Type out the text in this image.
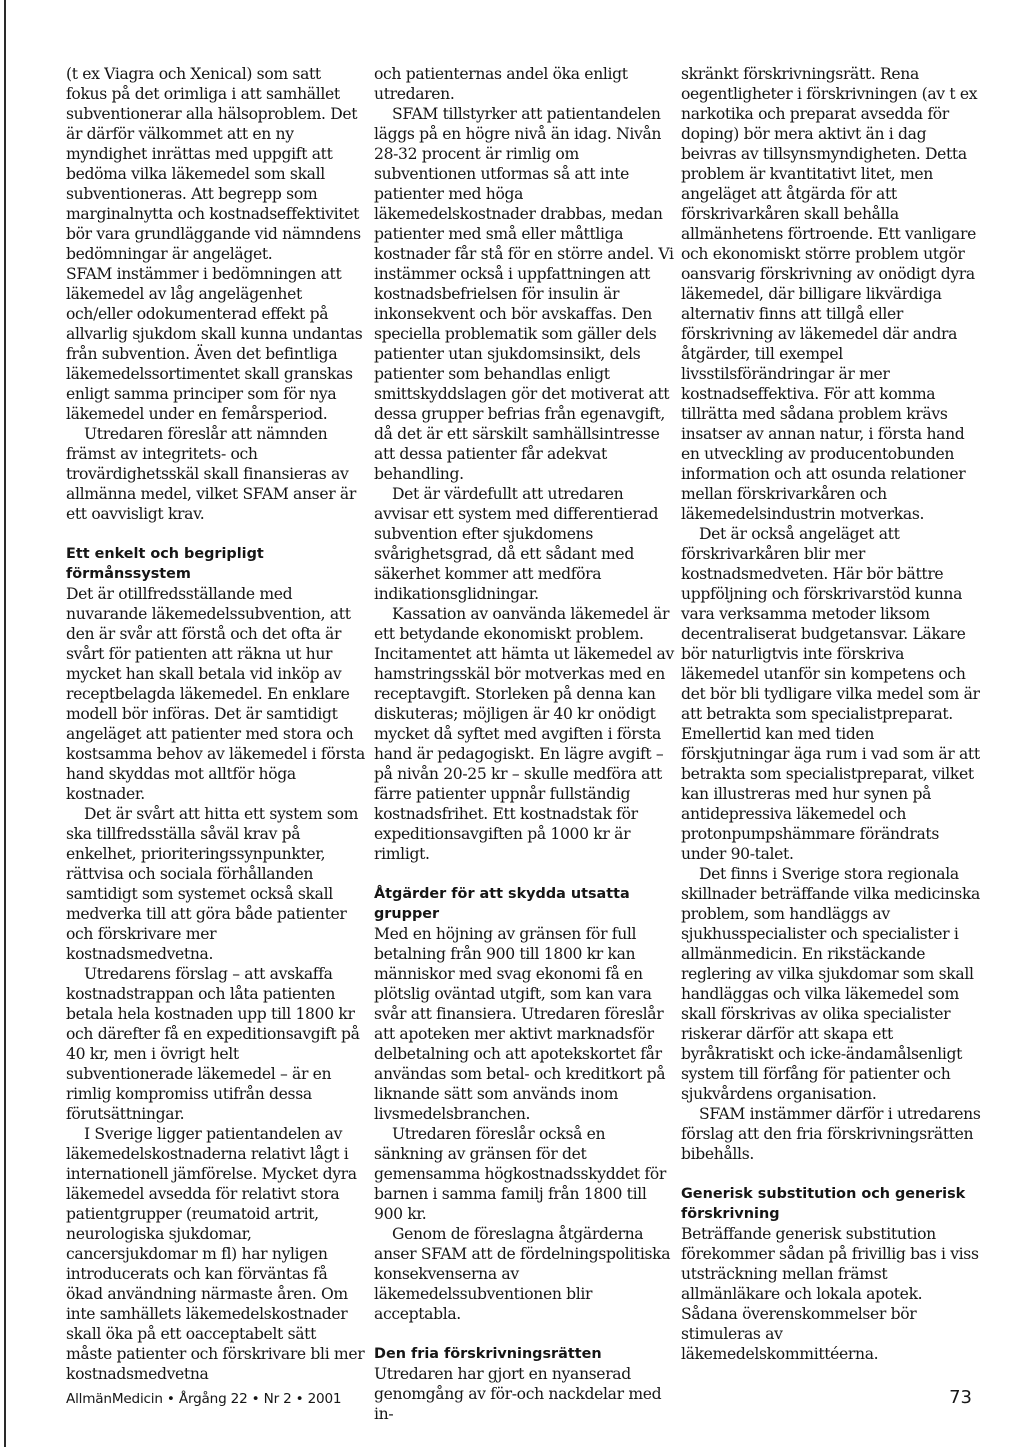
(t ex Viagra och Xenical) som satt fokus på det orimliga i att samhället subventionerar alla hälsoproblem. Det är därför välkommet att en ny myndighet inrättas med uppgift att bedöma vilka läkemedel som skall subventioneras. Att begrepp som marginalnytta och kostnadseffektivitet bör vara grundläggande vid nämndens bedömningar är angeläget.

SFAM instämmer i bedömningen att läkemedel av låg angelägenhet och/eller odokumenterad effekt på allvarlig sjukdom skall kunna undantas från subvention. Även det befintliga läkemedelssortimentet skall granskas enligt samma principer som för nya läkemedel under en femårsperiod.

Utredaren föreslår att nämnden främst av integritets- och trovärdighetsskäl skall finansieras av allmänna medel, vilket SFAM anser är ett oavvisligt krav.

Ett enkelt och begripligt förmånssystem

Det är otillfredsställande med nuvarande läkemedelssubvention, att den är svår att förstå och det ofta är svårt för patienten att räkna ut hur mycket han skall betala vid inköp av receptbelagda läkemedel. En enklare modell bör införas. Det är samtidigt angeläget att patienter med stora och kostsamma behov av läkemedel i första hand skyddas mot alltför höga kostnader.

Det är svårt att hitta ett system som ska tillfredsställa såväl krav på enkelhet, prioriteringssynpunkter, rättvisa och sociala förhållanden samtidigt som systemet också skall medverka till att göra både patienter och förskrivare mer kostnadsmedvetna.

Utredarens förslag – att avskaffa kostnadstrappan och låta patienten betala hela kostnaden upp till 1800 kr och därefter få en expeditionsavgift på 40 kr, men i övrigt helt subventionerade läkemedel – är en rimlig kompromiss utifrån dessa förutsättningar.

I Sverige ligger patientandelen av läkemedelskostnaderna relativt lågt i internationell jämförelse. Mycket dyra läkemedel avsedda för relativt stora patientgrupper (reumatoid artrit, neurologiska sjukdomar, cancersjukdomar m fl) har nyligen introducerats och kan förväntas få ökad användning närmaste åren. Om inte samhällets läkemedelskostnader skall öka på ett oacceptabelt sätt måste patienter och förskrivare bli mer kostnadsmedvetna

och patienternas andel öka enligt utredaren.

SFAM tillstyrker att patientandelen läggs på en högre nivå än idag. Nivån 28-32 procent är rimlig om subventionen utformas så att inte patienter med höga läkemedelskostnader drabbas, medan patienter med små eller måttliga kostnader får stå för en större andel. Vi instämmer också i uppfattningen att kostnadsbefrielsen för insulin är inkonsekvent och bör avskaffas. Den speciella problematik som gäller dels patienter utan sjukdomsinsikt, dels patienter som behandlas enligt smittskyddslagen gör det motiverat att dessa grupper befrias från egenavgift, då det är ett särskilt samhällsintresse att dessa patienter får adekvat behandling.

Det är värdefullt att utredaren avvisar ett system med differentierad subvention efter sjukdomens svårighetsgrad, då ett sådant med säkerhet kommer att medföra indikationsglidningar.

Kassation av oanvända läkemedel är ett betydande ekonomiskt problem. Incitamentet att hämta ut läkemedel av hamstringsskäl bör motverkas med en receptavgift. Storleken på denna kan diskuteras; möjligen är 40 kr onödigt mycket då syftet med avgiften i första hand är pedagogiskt. En lägre avgift – på nivån 20-25 kr – skulle medföra att färre patienter uppnår fullständig kostnadsfrihet. Ett kostnadstak för expeditionsavgiften på 1000 kr är rimligt.

Åtgärder för att skydda utsatta grupper

Med en höjning av gränsen för full betalning från 900 till 1800 kr kan människor med svag ekonomi få en plötslig oväntad utgift, som kan vara svår att finansiera. Utredaren föreslår att apoteken mer aktivt marknadsför delbetalning och att apotekskortet får användas som betal- och kreditkort på liknande sätt som används inom livsmedelsbranchen.

Utredaren föreslår också en sänkning av gränsen för det gemensamma högkostnadsskyddet för barnen i samma familj från 1800 till 900 kr.

Genom de föreslagna åtgärderna anser SFAM att de fördelningspolitiska konsekvenserna av läkemedelssubventionen blir acceptabla.

Den fria förskrivningsrätten

Utredaren har gjort en nyanserad genomgång av för-och nackdelar med in-

skränkt förskrivningsrätt. Rena oegentligheter i förskrivningen (av t ex narkotika och preparat avsedda för doping) bör mera aktivt än i dag beivras av tillsynsmyndigheten. Detta problem är kvantitativt litet, men angeläget att åtgärda för att förskrivarkåren skall behålla allmänhetens förtroende. Ett vanligare och ekonomiskt större problem utgör oansvarig förskrivning av onödigt dyra läkemedel, där billigare likvärdiga alternativ finns att tillgå eller förskrivning av läkemedel där andra åtgärder, till exempel livsstilsförändringar är mer kostnadseffektiva. För att komma tillrätta med sådana problem krävs insatser av annan natur, i första hand en utveckling av producentobunden information och att osunda relationer mellan förskrivarkåren och läkemedelsindustrin motverkas.

Det är också angeläget att förskrivarkåren blir mer kostnadsmedveten. Här bör bättre uppföljning och förskrivarstöd kunna vara verksamma metoder liksom decentraliserat budgetansvar. Läkare bör naturligtvis inte förskriva läkemedel utanför sin kompetens och det bör bli tydligare vilka medel som är att betrakta som specialistpreparat. Emellertid kan med tiden förskjutningar äga rum i vad som är att betrakta som specialistpreparat, vilket kan illustreras med hur synen på antidepressiva läkemedel och protonpumpshämmare förändrats under 90-talet.

Det finns i Sverige stora regionala skillnader beträffande vilka medicinska problem, som handläggs av sjukhusspecialister och specialister i allmänmedicin. En rikstäckande reglering av vilka sjukdomar som skall handläggas och vilka läkemedel som skall förskrivas av olika specialister riskerar därför att skapa ett byråkratiskt och icke-ändamålsenligt system till förfång för patienter och sjukvårdens organisation.

SFAM instämmer därför i utredarens förslag att den fria förskrivningsrätten bibehålls.

Generisk substitution och generisk förskrivning

Beträffande generisk substitution förekommer sådan på frivillig bas i viss utsträckning mellan främst allmänläkare och lokala apotek. Sådana överenskommelser bör stimuleras av läkemedelskommittéerna.

AllmänMedicin • Årgång 22 • Nr 2 • 2001	73
